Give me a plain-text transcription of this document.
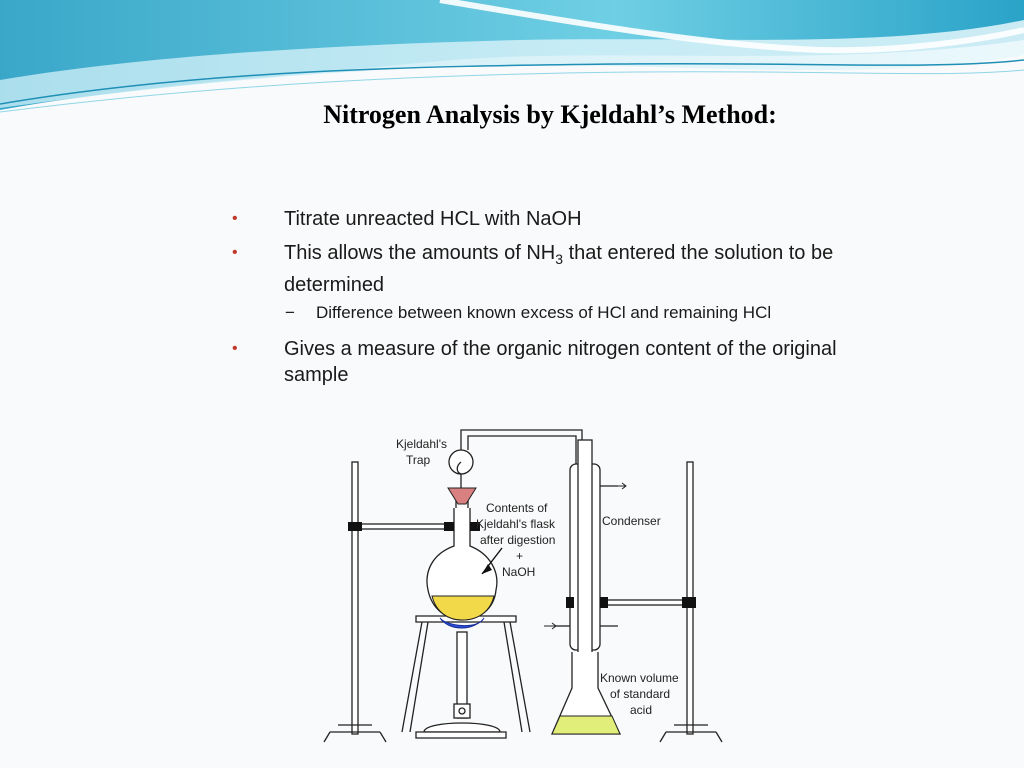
Nitrogen Analysis by Kjeldahl’s Method:
• Titrate unreacted HCL with NaOH
• This allows the amounts of $NH_3$ that entered the solution to be determined
− Difference between known excess of HCl and remaining HCl
• Gives a measure of the organic nitrogen content of the original sample
Kjeldahl's
Trap
Contents of
Kjeldahl's flask
after digestion
+
NaOH
Condenser
Known volume
of standard
acid
